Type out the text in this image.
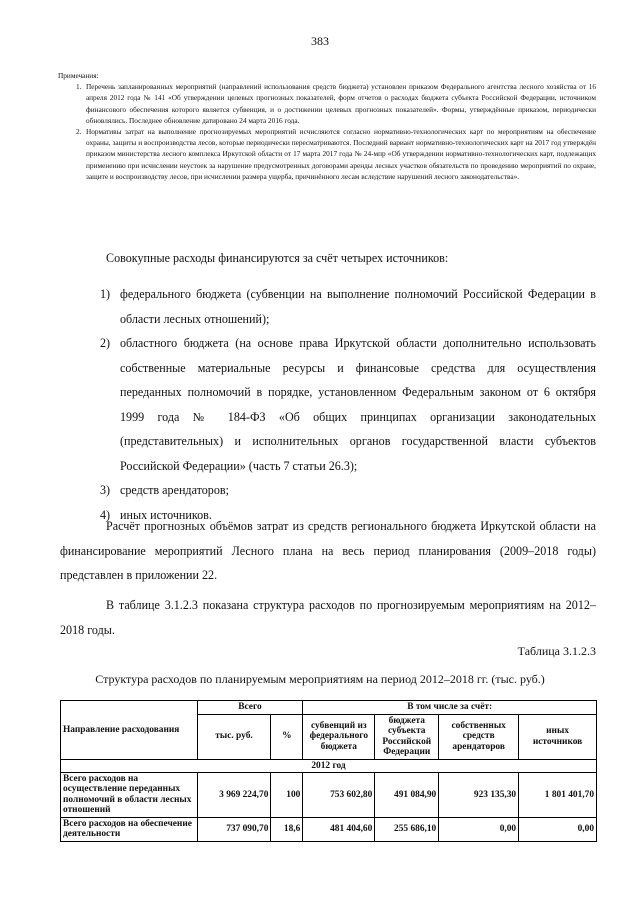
383

Примечания:

1. Перечень запланированных мероприятий (направлений использования средств бюджета) установлен приказом Федерального агентства лесного хозяйства от 16 апреля 2012 года № 141 «Об утверждении целевых прогнозных показателей, форм отчетов о расходах бюджета субъекта Российской Федерации, источником финансового обеспечения которого является субвенция, и о достижении целевых прогнозных показателей». Формы, утверждённые приказом, периодически обновлялись. Последнее обновление датировано 24 марта 2016 года.

2. Нормативы затрат на выполнение прогнозируемых мероприятий исчисляются согласно нормативно-технологических карт по мероприятиям на обеспечение охраны, защиты и воспроизводства лесов, которые периодически пересматриваются. Последний вариант нормативно-технологических карт на 2017 год утверждён приказом министерства лесного комплекса Иркутской области от 17 марта 2017 года № 24-мпр «Об утверждении нормативно-технологических карт, подлежащих применению при исчислении неустоек за нарушение предусмотренных договорами аренды лесных участков обязательств по проведению мероприятий по охране, защите и воспроизводству лесов, при исчислении размера ущерба, причинённого лесам вследствие нарушений лесного законодательства».

Совокупные расходы финансируются за счёт четырех источников:

1) федерального бюджета (субвенции на выполнение полномочий Российской Федерации в области лесных отношений);
2) областного бюджета (на основе права Иркутской области дополнительно использовать собственные материальные ресурсы и финансовые средства для осуществления переданных полномочий в порядке, установленном Федеральным законом от 6 октября 1999 года № 184-ФЗ «Об общих принципах организации законодательных (представительных) и исполнительных органов государственной власти субъектов Российской Федерации» (часть 7 статьи 26.3);
3) средств арендаторов;
4) иных источников.

Расчёт прогнозных объёмов затрат из средств регионального бюджета Иркутской области на финансирование мероприятий Лесного плана на весь период планирования (2009–2018 годы) представлен в приложении 22.

В таблице 3.1.2.3 показана структура расходов по прогнозируемым мероприятиям на 2012–2018 годы.

Таблица 3.1.2.3
Структура расходов по планируемым мероприятиям на период 2012–2018 гг. (тыс. руб.)
Направление расходования	Всего		В том числе за счёт:			
	тыс. руб.	%	субвенций из федерального бюджета	бюджета субъекта Российской Федерации	собственных средств арендаторов	иных источников
2012 год						
Всего расходов на осуществление переданных полномочий в области лесных отношений	3 969 224,70	100	753 602,80	491 084,90	923 135,30	1 801 401,70
Всего расходов на обеспечение деятельности	737 090,70	18,6	481 404,60	255 686,10	0,00	0,00
